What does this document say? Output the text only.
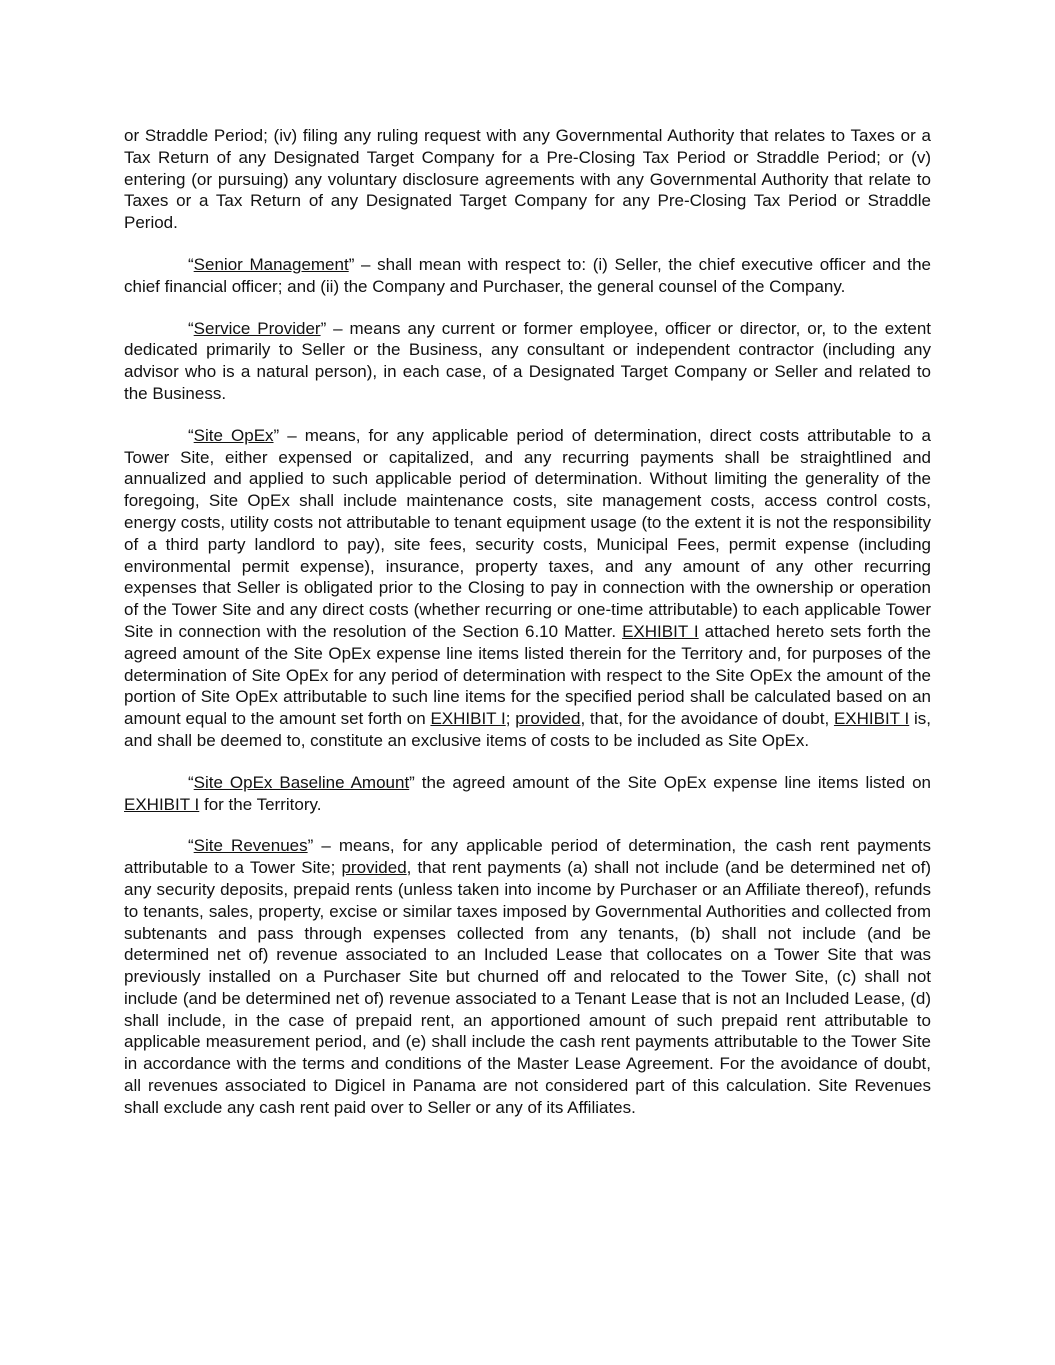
or Straddle Period; (iv) filing any ruling request with any Governmental Authority that relates to Taxes or a Tax Return of any Designated Target Company for a Pre-Closing Tax Period or Straddle Period; or (v) entering (or pursuing) any voluntary disclosure agreements with any Governmental Authority that relate to Taxes or a Tax Return of any Designated Target Company for any Pre-Closing Tax Period or Straddle Period.

“Senior Management” – shall mean with respect to: (i) Seller, the chief executive officer and the chief financial officer; and (ii) the Company and Purchaser, the general counsel of the Company.

“Service Provider” – means any current or former employee, officer or director, or, to the extent dedicated primarily to Seller or the Business, any consultant or independent contractor (including any advisor who is a natural person), in each case, of a Designated Target Company or Seller and related to the Business.

“Site OpEx” – means, for any applicable period of determination, direct costs attributable to a Tower Site, either expensed or capitalized, and any recurring payments shall be straightlined and annualized and applied to such applicable period of determination. Without limiting the generality of the foregoing, Site OpEx shall include maintenance costs, site management costs, access control costs, energy costs, utility costs not attributable to tenant equipment usage (to the extent it is not the responsibility of a third party landlord to pay), site fees, security costs, Municipal Fees, permit expense (including environmental permit expense), insurance, property taxes, and any amount of any other recurring expenses that Seller is obligated prior to the Closing to pay in connection with the ownership or operation of the Tower Site and any direct costs (whether recurring or one-time attributable) to each applicable Tower Site in connection with the resolution of the Section 6.10 Matter. EXHIBIT I attached hereto sets forth the agreed amount of the Site OpEx expense line items listed therein for the Territory and, for purposes of the determination of Site OpEx for any period of determination with respect to the Site OpEx the amount of the portion of Site OpEx attributable to such line items for the specified period shall be calculated based on an amount equal to the amount set forth on EXHIBIT I; provided, that, for the avoidance of doubt, EXHIBIT I is, and shall be deemed to, constitute an exclusive items of costs to be included as Site OpEx.

“Site OpEx Baseline Amount” the agreed amount of the Site OpEx expense line items listed on EXHIBIT I for the Territory.

“Site Revenues” – means, for any applicable period of determination, the cash rent payments attributable to a Tower Site; provided, that rent payments (a) shall not include (and be determined net of) any security deposits, prepaid rents (unless taken into income by Purchaser or an Affiliate thereof), refunds to tenants, sales, property, excise or similar taxes imposed by Governmental Authorities and collected from subtenants and pass through expenses collected from any tenants, (b) shall not include (and be determined net of) revenue associated to an Included Lease that collocates on a Tower Site that was previously installed on a Purchaser Site but churned off and relocated to the Tower Site, (c) shall not include (and be determined net of) revenue associated to a Tenant Lease that is not an Included Lease, (d) shall include, in the case of prepaid rent, an apportioned amount of such prepaid rent attributable to applicable measurement period, and (e) shall include the cash rent payments attributable to the Tower Site in accordance with the terms and conditions of the Master Lease Agreement. For the avoidance of doubt, all revenues associated to Digicel in Panama are not considered part of this calculation. Site Revenues shall exclude any cash rent paid over to Seller or any of its Affiliates.
